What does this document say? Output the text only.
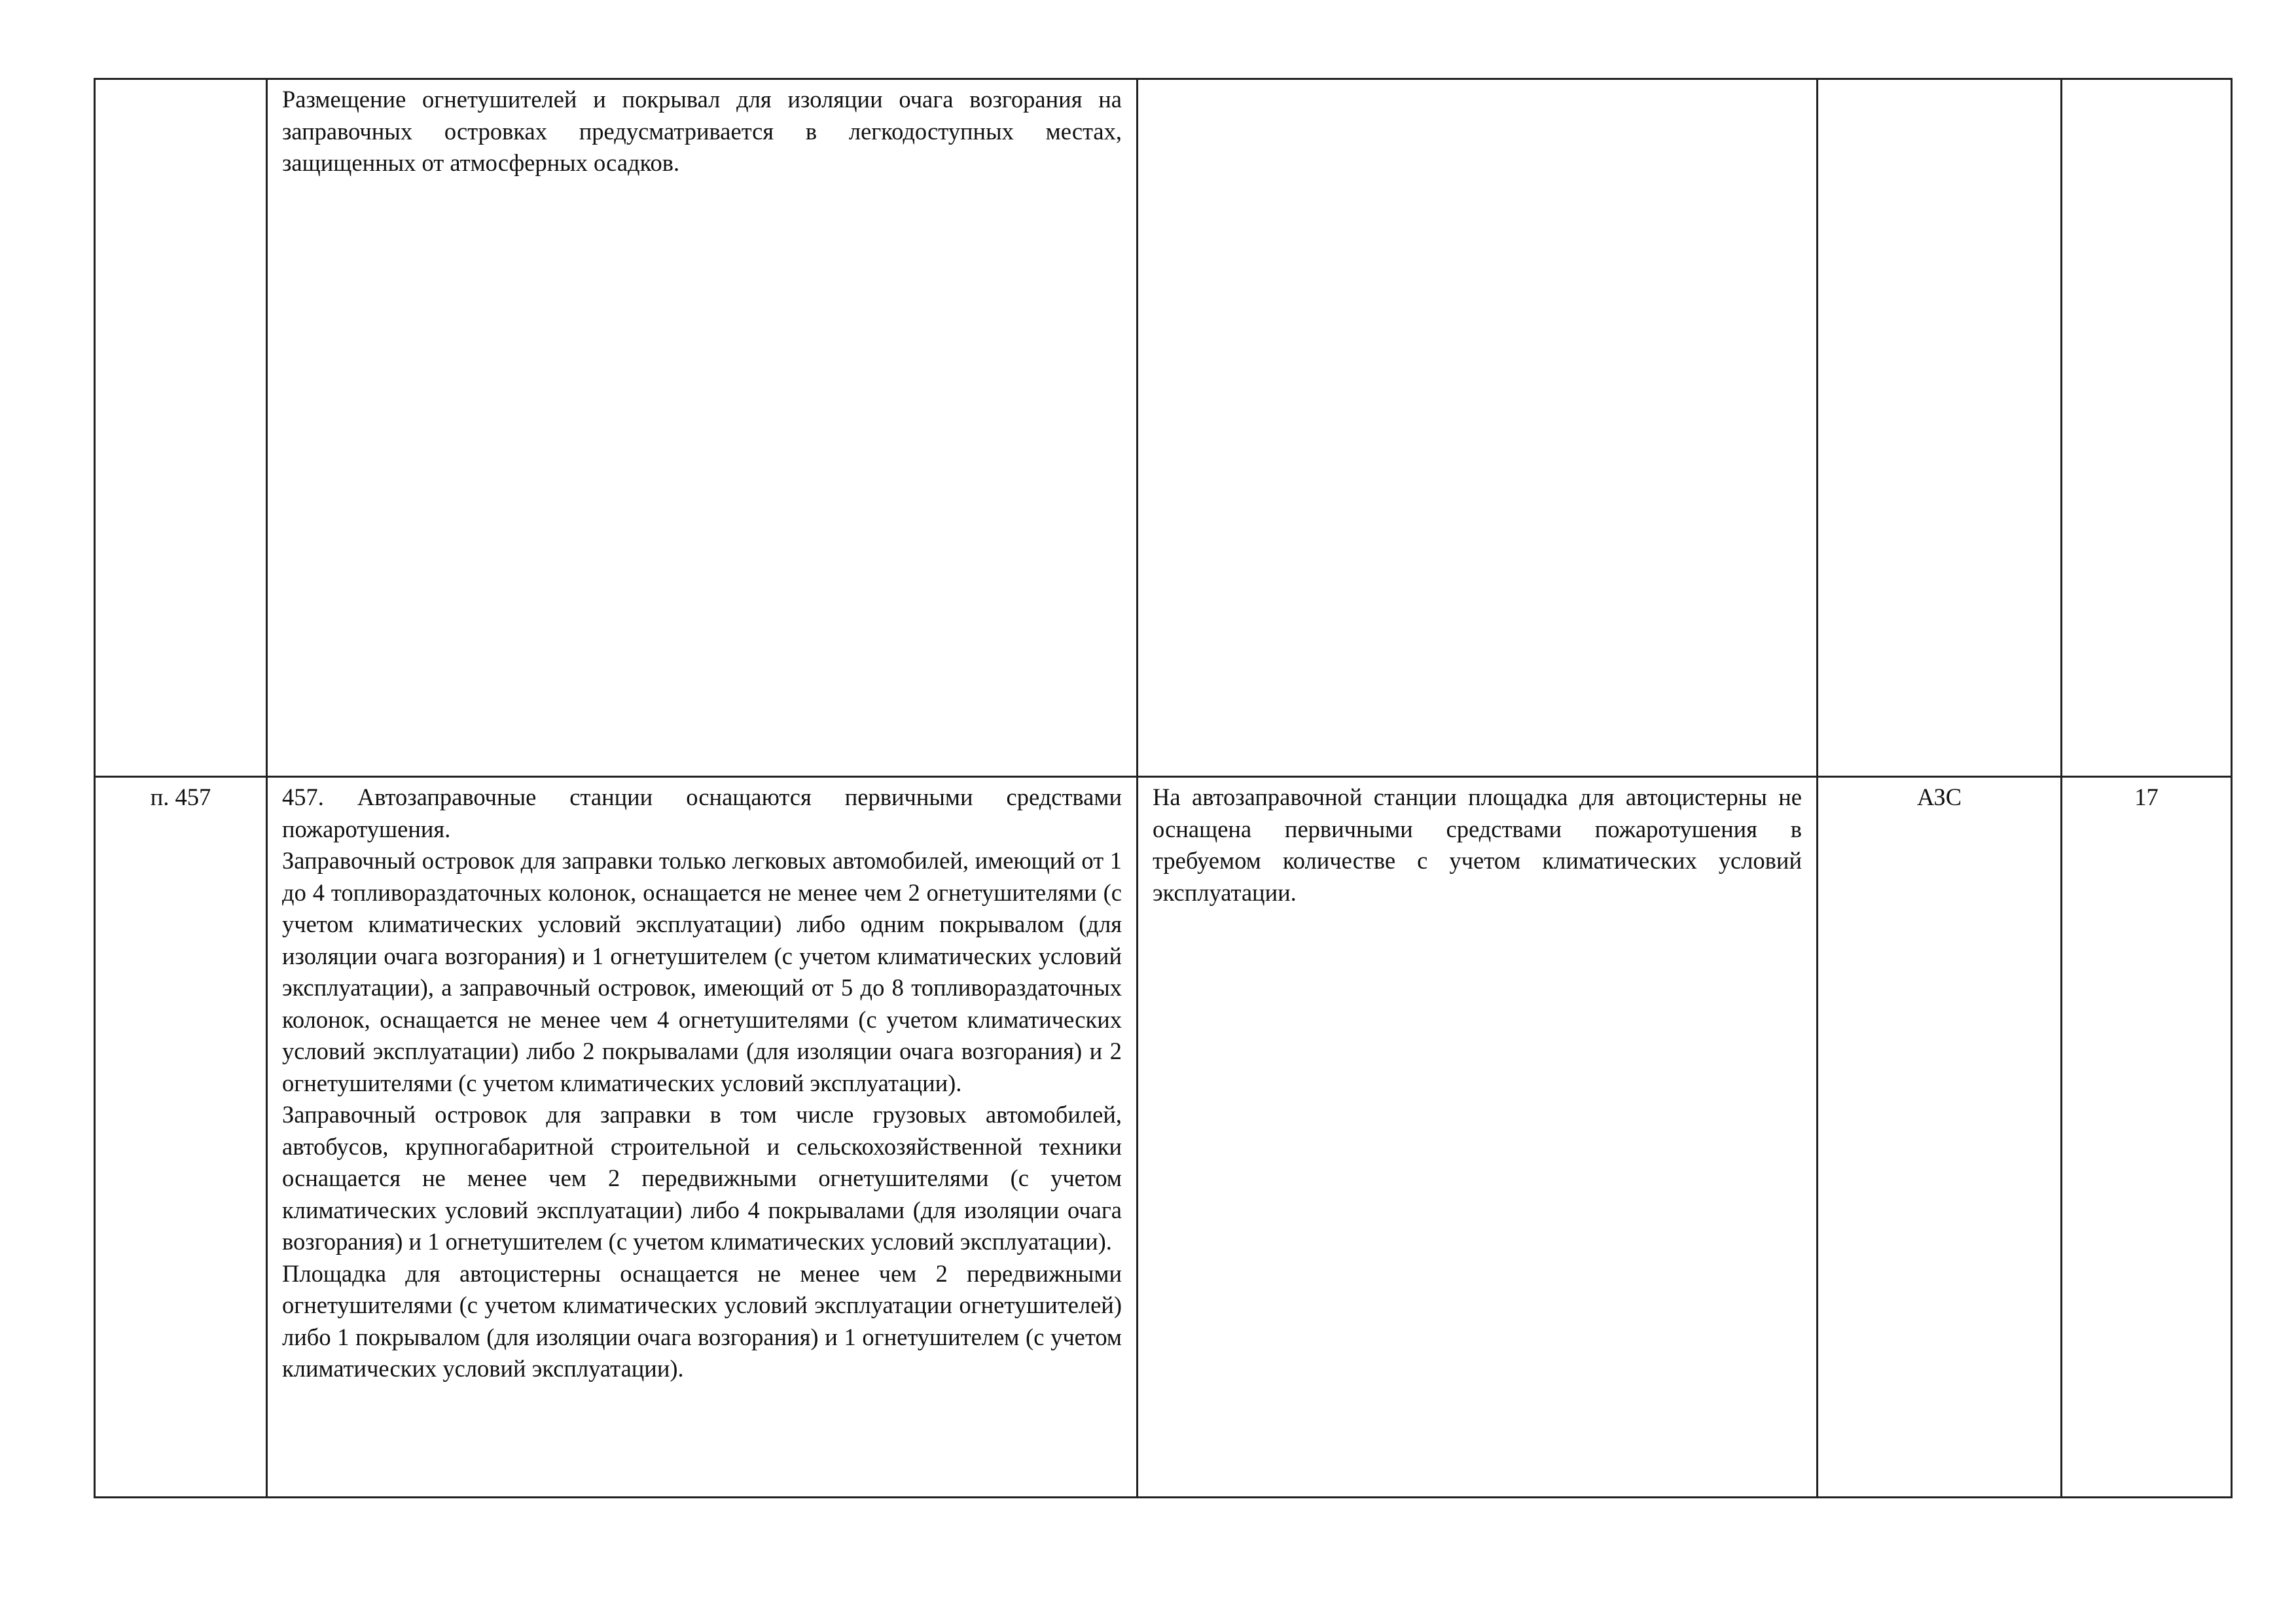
	Размещение огнетушителей и покрывал для изоляции очага возгорания на заправочных островках предусматривается в легкодоступных местах, защищенных от атмосферных осадков.			

п. 457	457. Автозаправочные станции оснащаются первичными средствами пожаротушения.
Заправочный островок для заправки только легковых автомобилей, имеющий от 1 до 4 топливораздаточных колонок, оснащается не менее чем 2 огнетушителями (с учетом климатических условий эксплуатации) либо одним покрывалом (для изоляции очага возгорания) и 1 огнетушителем (с учетом климатических условий эксплуатации), а заправочный островок, имеющий от 5 до 8 топливораздаточных колонок, оснащается не менее чем 4 огнетушителями (с учетом климатических условий эксплуатации) либо 2 покрывалами (для изоляции очага возгорания) и 2 огнетушителями (с учетом климатических условий эксплуатации).
Заправочный островок для заправки в том числе грузовых автомобилей, автобусов, крупногабаритной строительной и сельскохозяйственной техники оснащается не менее чем 2 передвижными огнетушителями (с учетом климатических условий эксплуатации) либо 4 покрывалами (для изоляции очага возгорания) и 1 огнетушителем (с учетом климатических условий эксплуатации).
Площадка для автоцистерны оснащается не менее чем 2 передвижными огнетушителями (с учетом климатических условий эксплуатации огнетушителей) либо 1 покрывалом (для изоляции очага возгорания) и 1 огнетушителем (с учетом климатических условий эксплуатации).	На автозаправочной станции площадка для автоцистерны не оснащена первичными средствами пожаротушения в требуемом количестве с учетом климатических условий эксплуатации.	АЗС	17
